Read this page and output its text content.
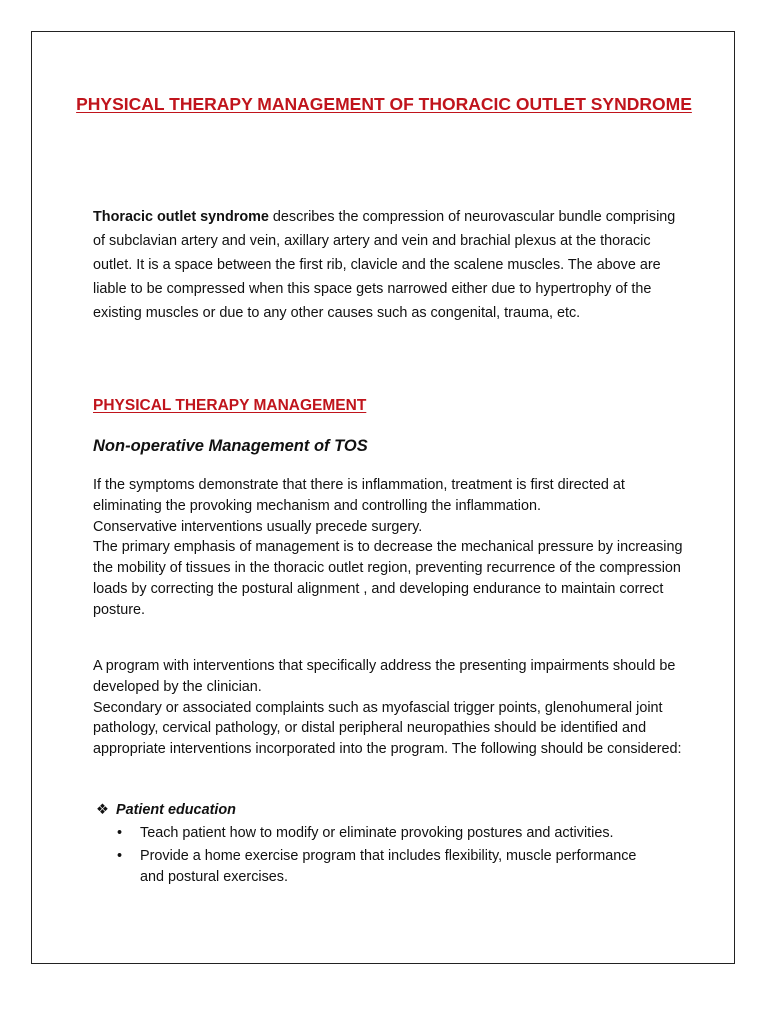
PHYSICAL THERAPY MANAGEMENT OF THORACIC OUTLET SYNDROME

Thoracic outlet syndrome describes the compression of neurovascular bundle comprising of subclavian artery and vein, axillary artery and vein and brachial plexus at the thoracic outlet. It is a space between the first rib, clavicle and the scalene muscles. The above are liable to be compressed when this space gets narrowed either due to hypertrophy of the existing muscles or due to any other causes such as congenital, trauma, etc.

PHYSICAL THERAPY MANAGEMENT
Non-operative Management of TOS
If the symptoms demonstrate that there is inflammation, treatment is first directed at eliminating the provoking mechanism and controlling the inflammation.
Conservative interventions usually precede surgery.
The primary emphasis of management is to decrease the mechanical pressure by increasing the mobility of tissues in the thoracic outlet region, preventing recurrence of the compression loads by correcting the postural alignment , and developing endurance to maintain correct posture.
A program with interventions that specifically address the presenting impairments should be developed by the clinician.
Secondary or associated complaints such as myofascial trigger points, glenohumeral joint pathology, cervical pathology, or distal peripheral neuropathies should be identified and appropriate interventions incorporated into the program. The following should be considered:

❖ Patient education

• Teach patient how to modify or eliminate provoking postures and activities.
• Provide a home exercise program that includes flexibility, muscle performance and postural exercises.
